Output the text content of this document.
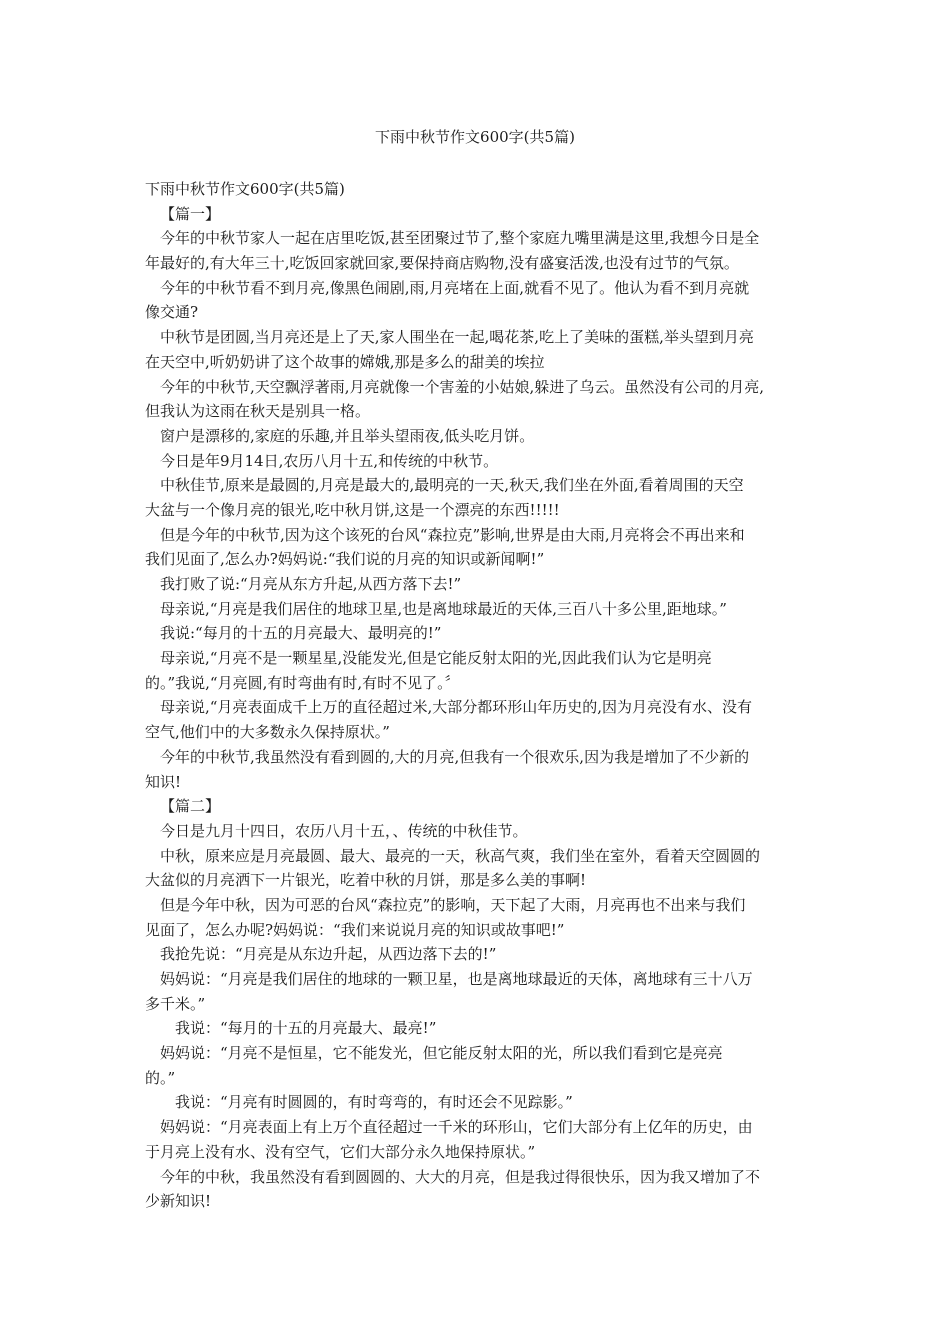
下雨中秋节作文600字(共5篇)
下雨中秋节作文600字(共5篇)
【篇一】
今年的中秋节家人一起在店里吃饭,甚至团聚过节了,整个家庭九嘴里满是这里,我想今日是全
年最好的,有大年三十,吃饭回家就回家,要保持商店购物,没有盛宴活泼,也没有过节的气氛。
今年的中秋节看不到月亮,像黑色闹剧,雨,月亮堵在上面,就看不见了。他认为看不到月亮就
像交通?
中秋节是团圆,当月亮还是上了天,家人围坐在一起,喝花茶,吃上了美味的蛋糕,举头望到月亮
在天空中,听奶奶讲了这个故事的嫦娥,那是多么的甜美的埃拉
今年的中秋节,天空飘浮著雨,月亮就像一个害羞的小姑娘,躲进了乌云。虽然没有公司的月亮,
但我认为这雨在秋天是别具一格。
窗户是漂移的,家庭的乐趣,并且举头望雨夜,低头吃月饼。
今日是年9月14日,农历八月十五,和传统的中秋节。
中秋佳节,原来是最圆的,月亮是最大的,最明亮的一天,秋天,我们坐在外面,看着周围的天空
大盆与一个像月亮的银光,吃中秋月饼,这是一个漂亮的东西!!!!!
但是今年的中秋节,因为这个该死的台风“森拉克”影响,世界是由大雨,月亮将会不再出来和
我们见面了,怎么办?妈妈说:“我们说的月亮的知识或新闻啊!”
我打败了说:“月亮从东方升起,从西方落下去!”
母亲说,“月亮是我们居住的地球卫星,也是离地球最近的天体,三百八十多公里,距地球。”
我说:“每月的十五的月亮最大、最明亮的!”
母亲说,“月亮不是一颗星星,没能发光,但是它能反射太阳的光,因此我们认为它是明亮
的。”我说,“月亮圆,有时弯曲有时,有时不见了。〞
母亲说,“月亮表面成千上万的直径超过米,大部分都环形山年历史的,因为月亮没有水、没有
空气,他们中的大多数永久保持原状。”
今年的中秋节,我虽然没有看到圆的,大的月亮,但我有一个很欢乐,因为我是增加了不少新的
知识!
【篇二】
今日是九月十四日，农历八月十五，、传统的中秋佳节。
中秋，原来应是月亮最圆、最大、最亮的一天，秋高气爽，我们坐在室外，看着天空圆圆的
大盆似的月亮洒下一片银光，吃着中秋的月饼，那是多么美的事啊!
但是今年中秋，因为可恶的台风“森拉克”的影响，天下起了大雨，月亮再也不出来与我们
见面了，怎么办呢?妈妈说：“我们来说说月亮的知识或故事吧!”
我抢先说：“月亮是从东边升起，从西边落下去的!”
妈妈说：“月亮是我们居住的地球的一颗卫星，也是离地球最近的天体，离地球有三十八万
多千米。”
我说：“每月的十五的月亮最大、最亮!”
妈妈说：“月亮不是恒星，它不能发光，但它能反射太阳的光，所以我们看到它是亮亮
的。”
我说：“月亮有时圆圆的，有时弯弯的，有时还会不见踪影。”
妈妈说：“月亮表面上有上万个直径超过一千米的环形山，它们大部分有上亿年的历史，由
于月亮上没有水、没有空气，它们大部分永久地保持原状。”
今年的中秋，我虽然没有看到圆圆的、大大的月亮，但是我过得很快乐，因为我又增加了不
少新知识!
